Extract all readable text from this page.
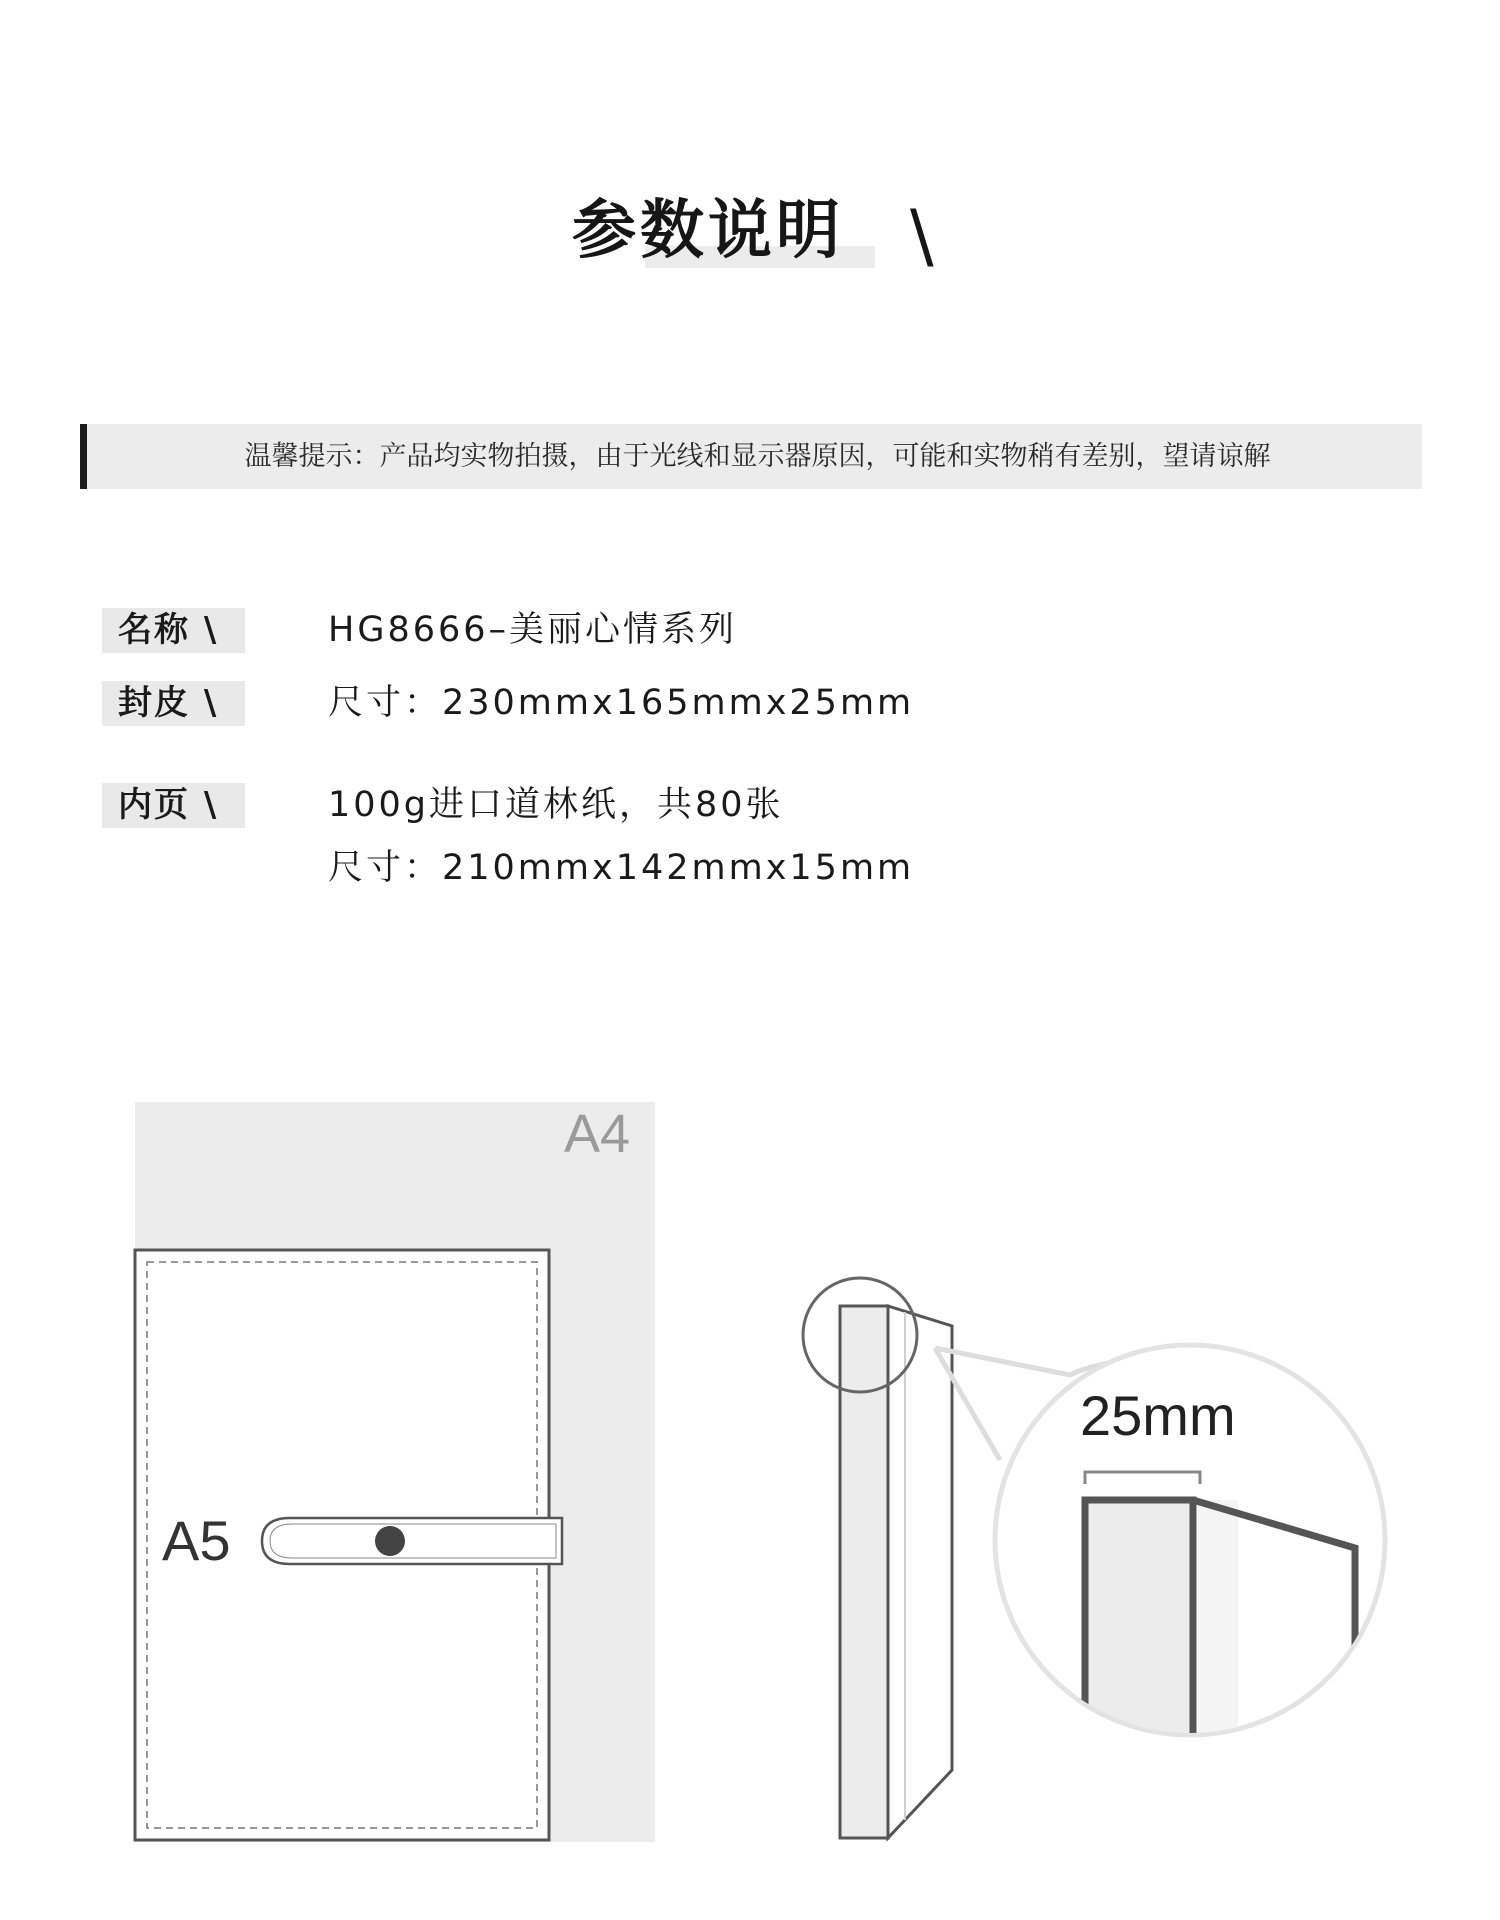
参数说明 \
温馨提示：产品均实物拍摄，由于光线和显示器原因，可能和实物稍有差别，望请谅解
名称 \	HG8666–美丽心情系列
封皮 \	尺寸：230mmx165mmx25mm
内页 \	100g进口道林纸，共80张
尺寸：210mmx142mmx15mm
A4
A5
25mm
